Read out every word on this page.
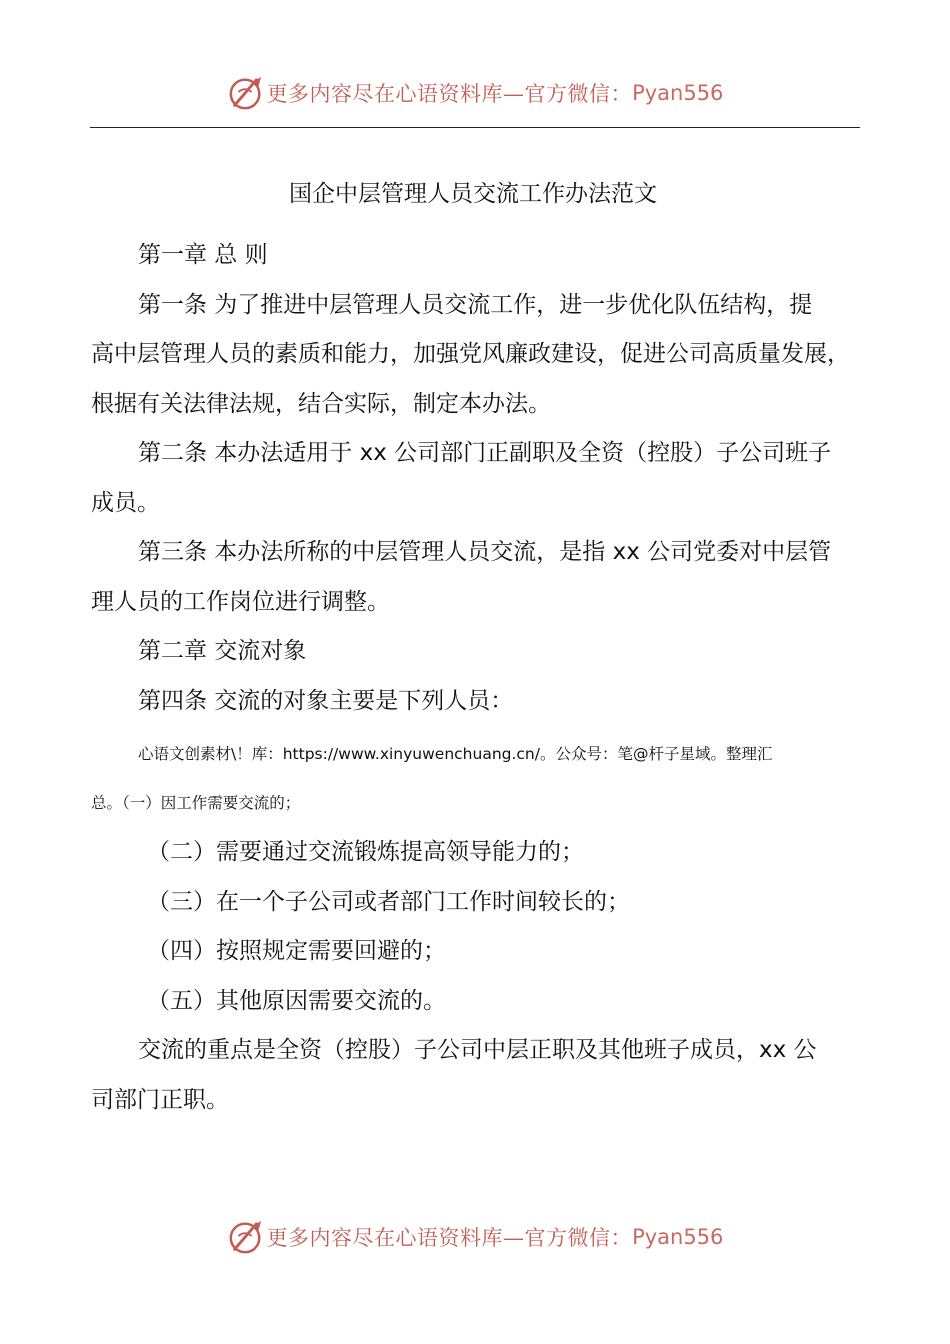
更多内容尽在心语资料库—官方微信： Pyan556
国企中层管理人员交流工作办法范文

第一章 总 则

第一条 为了推进中层管理人员交流工作，进一步优化队伍结构，提

高中层管理人员的素质和能力，加强党风廉政建设，促进公司高质量发展，

根据有关法律法规，结合实际，制定本办法。

第二条 本办法适用于 xx 公司部门正副职及全资（控股）子公司班子

成员。

第三条 本办法所称的中层管理人员交流，是指 xx 公司党委对中层管

理人员的工作岗位进行调整。

第二章 交流对象

第四条 交流的对象主要是下列人员：

心语文创素材\！库：https://www.xinyuwenchuang.cn/。公众号：笔@杆子星域。整理汇
总。（一）因工作需要交流的；

（二）需要通过交流锻炼提高领导能力的；

（三）在一个子公司或者部门工作时间较长的；

（四）按照规定需要回避的；

（五）其他原因需要交流的。

交流的重点是全资（控股）子公司中层正职及其他班子成员，xx 公

司部门正职。

更多内容尽在心语资料库—官方微信： Pyan556
